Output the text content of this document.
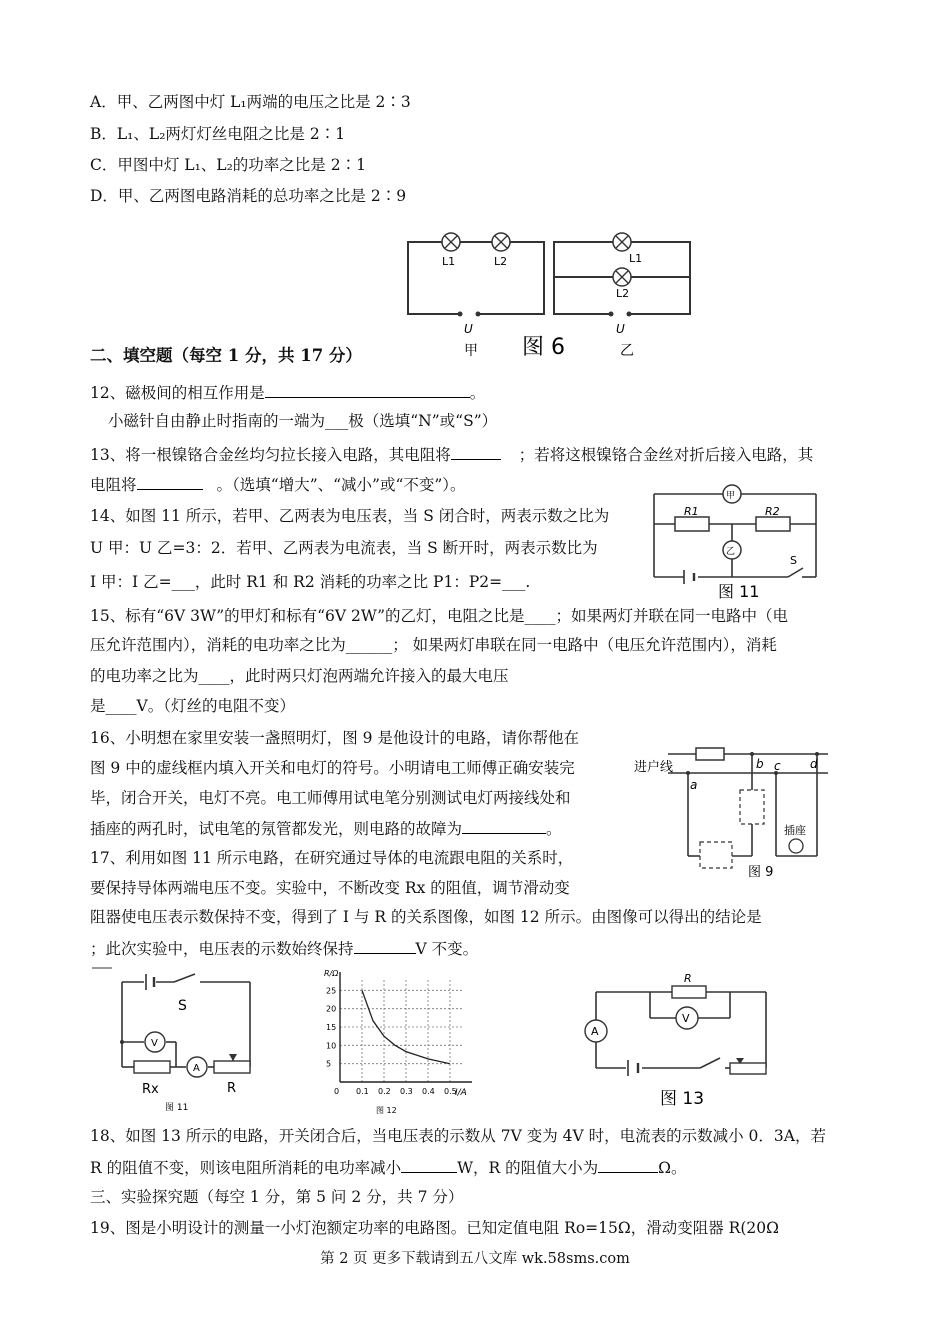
A．甲、乙两图中灯 L₁两端的电压之比是 2∶3
B．L₁、L₂两灯灯丝电阻之比是 2∶1
C．甲图中灯 L₁、L₂的功率之比是 2∶1
D．甲、乙两图电路消耗的总功率之比是 2∶9
L1	L2	L1
L2
U	U
甲 图 6	乙
二、填空题（每空 1 分，共 17 分）
12、磁极间的相互作用是	。
小磁针自由静止时指南的一端为___极（选填“N”或“S”）
13、将一根镍铬合金丝均匀拉长接入电路，其电阻将	；若将这根镍铬合金丝对折后接入电路，其
电阻将	。（选填“增大”、“减小”或“不变”）。
14、如图 11 所示，若甲、乙两表为电压表，当 S 闭合时，两表示数之比为
U 甲：U 乙=3：2．若甲、乙两表为电流表，当 S 断开时，两表示数比为
I 甲：I 乙=___，此时 R1 和 R2 消耗的功率之比 P1：P2=___.
甲
乙
R1	R2
S
图 11
15、标有“6V 3W”的甲灯和标有“6V 2W”的乙灯，电阻之比是____；如果两灯并联在同一电路中（电
压允许范围内），消耗的电功率之比为______； 如果两灯串联在同一电路中（电压允许范围内），消耗
的电功率之比为____，此时两只灯泡两端允许接入的最大电压
是____V。（灯丝的电阻不变）
16、小明想在家里安装一盏照明灯，图 9 是他设计的电路，请你帮他在
图 9 中的虚线框内填入开关和电灯的符号。小明请电工师傅正确安装完
毕，闭合开关，电灯不亮。电工师傅用试电笔分别测试电灯两接线处和
插座的两孔时，试电笔的氖管都发光，则电路的故障为	。
进户线
a
b c d
插座
图 9
17、利用如图 11 所示电路，在研究通过导体的电流跟电阻的关系时，
要保持导体两端电压不变。实验中，不断改变 Rx 的阻值，调节滑动变
阻器使电压表示数保持不变，得到了 I 与 R 的关系图像，如图 12 所示。由图像可以得出的结论是
；此次实验中，电压表的示数始终保持	V 不变。
S
V
A
Rx	R
图 11
5
10
15
20
25
0 0.1 0.2 0.3 0.4 0.5
R/Ω
I/A
图 12
R
V
A
图 13
18、如图 13 所示的电路，开关闭合后，当电压表的示数从 7V 变为 4V 时，电流表的示数减小 0．3A，若
R 的阻值不变，则该电阻所消耗的电功率减小	W，R 的阻值大小为	Ω。
三、实验探究题（每空 1 分，第 5 问 2 分，共 7 分）
19、图是小明设计的测量一小灯泡额定功率的电路图。已知定值电阻 Ro=15Ω，滑动变阻器 R(20Ω
第 2 页 更多下载请到五八文库 wk.58sms.com
